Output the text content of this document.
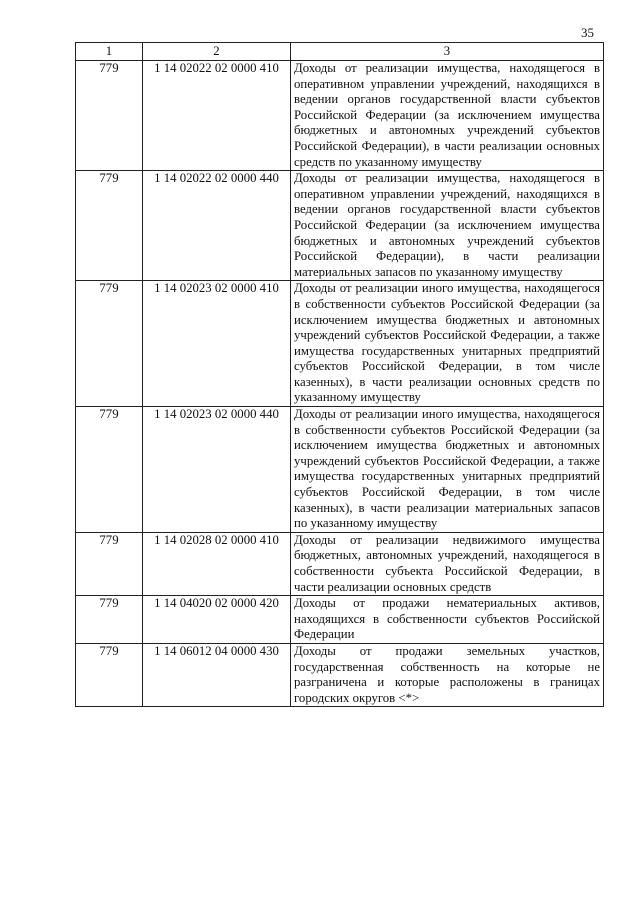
35
1	2	3
779	1 14 02022 02 0000 410	Доходы от реализации имущества, находящегося в оперативном управлении учреждений, находящихся в ведении органов государственной власти субъектов Российской Федерации (за исключением имущества бюджетных и автономных учреждений субъектов Российской Федерации), в части реализации основных средств по указанному имуществу
779	1 14 02022 02 0000 440	Доходы от реализации имущества, находящегося в оперативном управлении учреждений, находящихся в ведении органов государственной власти субъектов Российской Федерации (за исключением имущества бюджетных и автономных учреждений субъектов Российской Федерации), в части реализации материальных запасов по указанному имуществу
779	1 14 02023 02 0000 410	Доходы от реализации иного имущества, находящегося в собственности субъектов Российской Федерации (за исключением имущества бюджетных и автономных учреждений субъектов Российской Федерации, а также имущества государственных унитарных предприятий субъектов Российской Федерации, в том числе казенных), в части реализации основных средств по указанному имуществу
779	1 14 02023 02 0000 440	Доходы от реализации иного имущества, находящегося в собственности субъектов Российской Федерации (за исключением имущества бюджетных и автономных учреждений субъектов Российской Федерации, а также имущества государственных унитарных предприятий субъектов Российской Федерации, в том числе казенных), в части реализации материальных запасов по указанному имуществу
779	1 14 02028 02 0000 410	Доходы от реализации недвижимого имущества бюджетных, автономных учреждений, находящегося в собственности субъекта Российской Федерации, в части реализации основных средств
779	1 14 04020 02 0000 420	Доходы от продажи нематериальных активов, находящихся в собственности субъектов Российской Федерации
779	1 14 06012 04 0000 430	Доходы от продажи земельных участков, государственная собственность на которые не разграничена и которые расположены в границах городских округов <*>
